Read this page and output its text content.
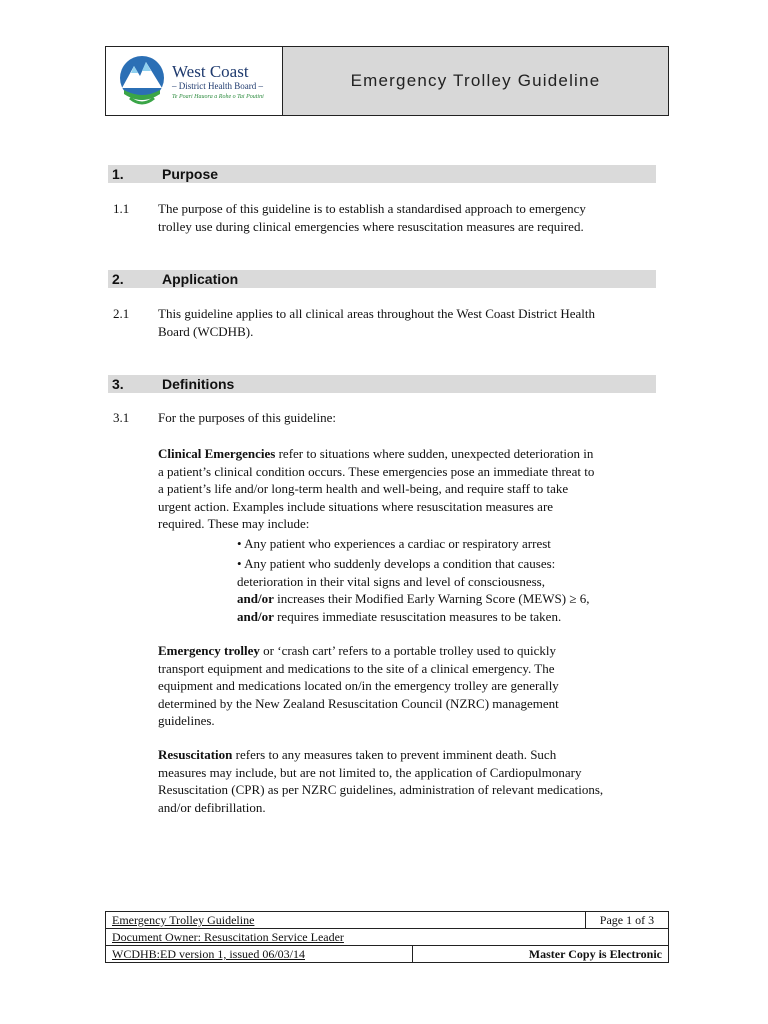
West Coast
– District Health Board –
Te Poari Hauora a Rohe o Tai Poutini
Emergency Trolley Guideline
1.	Purpose
1.1	The purpose of this guideline is to establish a standardised approach to emergency
trolley use during clinical emergencies where resuscitation measures are required.
2.	Application
2.1	This guideline applies to all clinical areas throughout the West Coast District Health
Board (WCDHB).
3.	Definitions
3.1	For the purposes of this guideline:
Clinical Emergencies refer to situations where sudden, unexpected deterioration in
a patient’s clinical condition occurs. These emergencies pose an immediate threat to
a patient’s life and/or long-term health and well-being, and require staff to take
urgent action. Examples include situations where resuscitation measures are
required. These may include:
• Any patient who experiences a cardiac or respiratory arrest
• Any patient who suddenly develops a condition that causes:
deterioration in their vital signs and level of consciousness,
and/or increases their Modified Early Warning Score (MEWS) ≥ 6,
and/or requires immediate resuscitation measures to be taken.
Emergency trolley or ‘crash cart’ refers to a portable trolley used to quickly
transport equipment and medications to the site of a clinical emergency. The
equipment and medications located on/in the emergency trolley are generally
determined by the New Zealand Resuscitation Council (NZRC) management
guidelines.
Resuscitation refers to any measures taken to prevent imminent death. Such
measures may include, but are not limited to, the application of Cardiopulmonary
Resuscitation (CPR) as per NZRC guidelines, administration of relevant medications,
and/or defibrillation.
Emergency Trolley Guideline		Page 1 of 3
Document Owner: Resuscitation Service Leader		
WCDHB:ED version 1, issued 06/03/14	Master Copy is Electronic	
